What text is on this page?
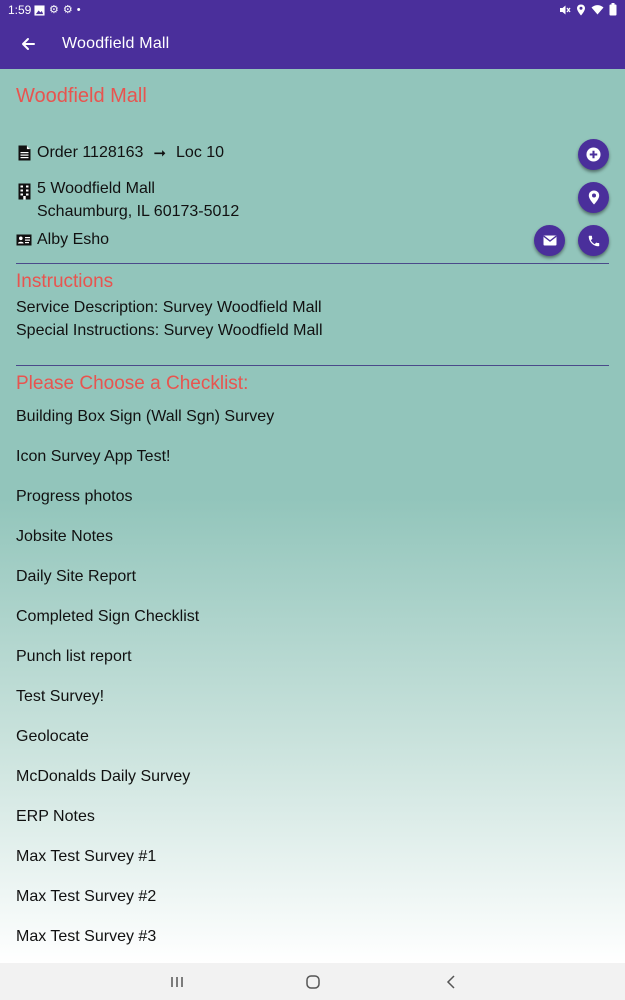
1:59 ⚙ ⚙ •
Woodfield Mall
Woodfield Mall
Order 1128163 ➞ Loc 10
5 Woodfield Mall
Schaumburg, IL 60173-5012
Alby Esho
Instructions
Service Description: Survey Woodfield Mall
Special Instructions: Survey Woodfield Mall
Please Choose a Checklist:
Building Box Sign (Wall Sgn) Survey
Icon Survey App Test!
Progress photos
Jobsite Notes
Daily Site Report
Completed Sign Checklist
Punch list report
Test Survey!
Geolocate
McDonalds Daily Survey
ERP Notes
Max Test Survey #1
Max Test Survey #2
Max Test Survey #3
